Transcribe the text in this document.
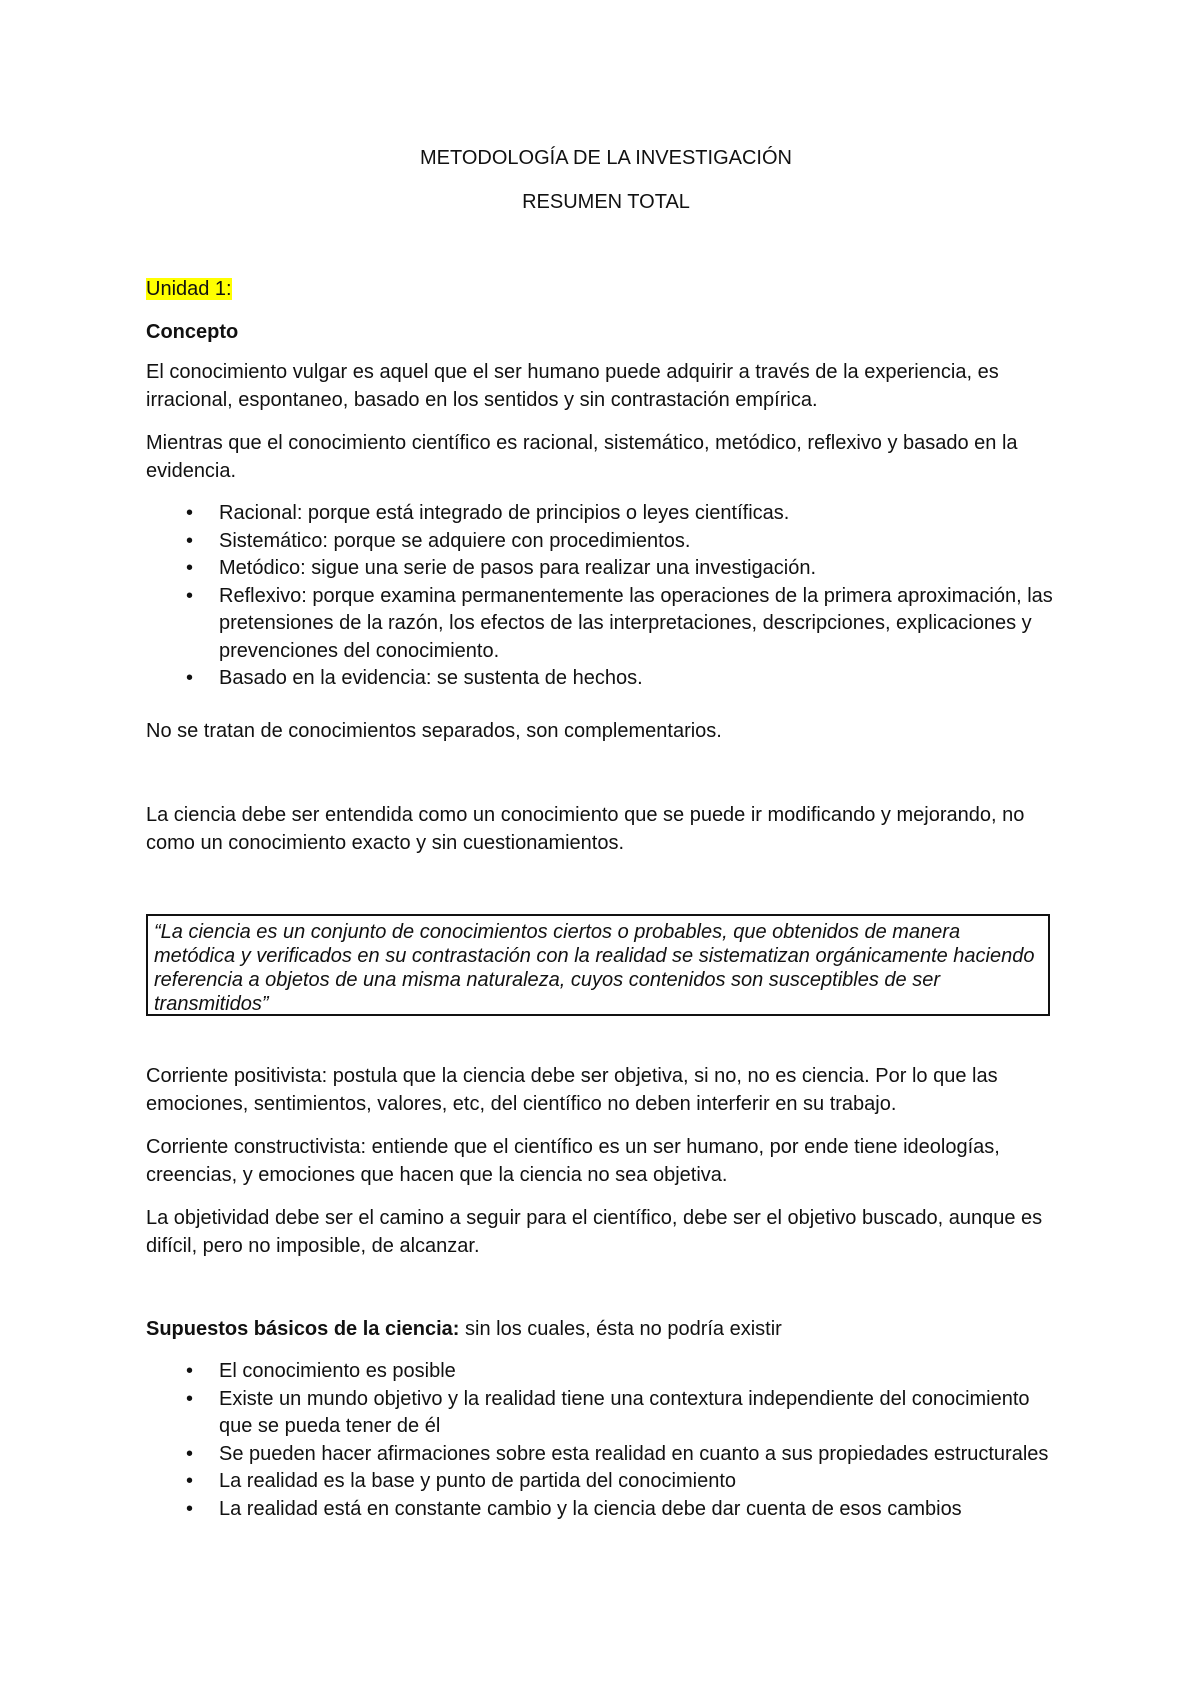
METODOLOGÍA DE LA INVESTIGACIÓN
RESUMEN TOTAL
Unidad 1:
Concepto
El conocimiento vulgar es aquel que el ser humano puede adquirir a través de la experiencia, es irracional, espontaneo, basado en los sentidos y sin contrastación empírica.
Mientras que el conocimiento científico es racional, sistemático, metódico, reflexivo y basado en la evidencia.
• Racional: porque está integrado de principios o leyes científicas.
• Sistemático: porque se adquiere con procedimientos.
• Metódico: sigue una serie de pasos para realizar una investigación.
• Reflexivo: porque examina permanentemente las operaciones de la primera aproximación, las pretensiones de la razón, los efectos de las interpretaciones, descripciones, explicaciones y prevenciones del conocimiento.
• Basado en la evidencia: se sustenta de hechos.
No se tratan de conocimientos separados, son complementarios.
La ciencia debe ser entendida como un conocimiento que se puede ir modificando y mejorando, no como un conocimiento exacto y sin cuestionamientos.
“La ciencia es un conjunto de conocimientos ciertos o probables, que obtenidos de manera metódica y verificados en su contrastación con la realidad se sistematizan orgánicamente haciendo referencia a objetos de una misma naturaleza, cuyos contenidos son susceptibles de ser transmitidos”
Corriente positivista: postula que la ciencia debe ser objetiva, si no, no es ciencia. Por lo que las emociones, sentimientos, valores, etc, del científico no deben interferir en su trabajo.
Corriente constructivista: entiende que el científico es un ser humano, por ende tiene ideologías, creencias, y emociones que hacen que la ciencia no sea objetiva.
La objetividad debe ser el camino a seguir para el científico, debe ser el objetivo buscado, aunque es difícil, pero no imposible, de alcanzar.
Supuestos básicos de la ciencia: sin los cuales, ésta no podría existir
• El conocimiento es posible
• Existe un mundo objetivo y la realidad tiene una contextura independiente del conocimiento que se pueda tener de él
• Se pueden hacer afirmaciones sobre esta realidad en cuanto a sus propiedades estructurales
• La realidad es la base y punto de partida del conocimiento
• La realidad está en constante cambio y la ciencia debe dar cuenta de esos cambios
